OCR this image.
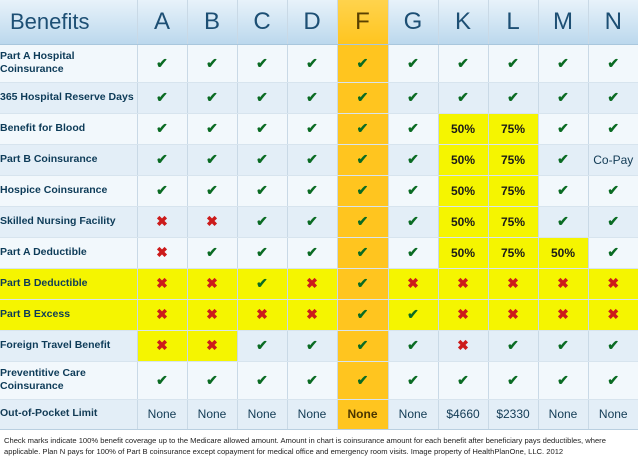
Benefits	A	B	C	D	F	G	K	L	M	N
Part A Hospital Coinsurance	✔	✔	✔	✔	✔	✔	✔	✔	✔	✔
365 Hospital Reserve Days	✔	✔	✔	✔	✔	✔	✔	✔	✔	✔
Benefit for Blood	✔	✔	✔	✔	✔	✔	50%	75%	✔	✔
Part B Coinsurance	✔	✔	✔	✔	✔	✔	50%	75%	✔	Co-Pay
Hospice Coinsurance	✔	✔	✔	✔	✔	✔	50%	75%	✔	✔
Skilled Nursing Facility	✖	✖	✔	✔	✔	✔	50%	75%	✔	✔
Part A Deductible	✖	✔	✔	✔	✔	✔	50%	75%	50%	✔
Part B Deductible	✖	✖	✔	✖	✔	✖	✖	✖	✖	✖
Part B Excess	✖	✖	✖	✖	✔	✔	✖	✖	✖	✖
Foreign Travel Benefit	✖	✖	✔	✔	✔	✔	✖	✔	✔	✔
Preventitive Care Coinsurance	✔	✔	✔	✔	✔	✔	✔	✔	✔	✔
Out-of-Pocket Limit	None	None	None	None	None	None	$4660	$2330	None	None
Check marks indicate 100% benefit coverage up to the Medicare allowed amount. Amount in chart is coinsurance amount for each benefit after beneficiary pays deductibles, where applicable. Plan N pays for 100% of Part B coinsurance except copayment for medical office and emergency room visits. Image property of HealthPlanOne, LLC. 2012
